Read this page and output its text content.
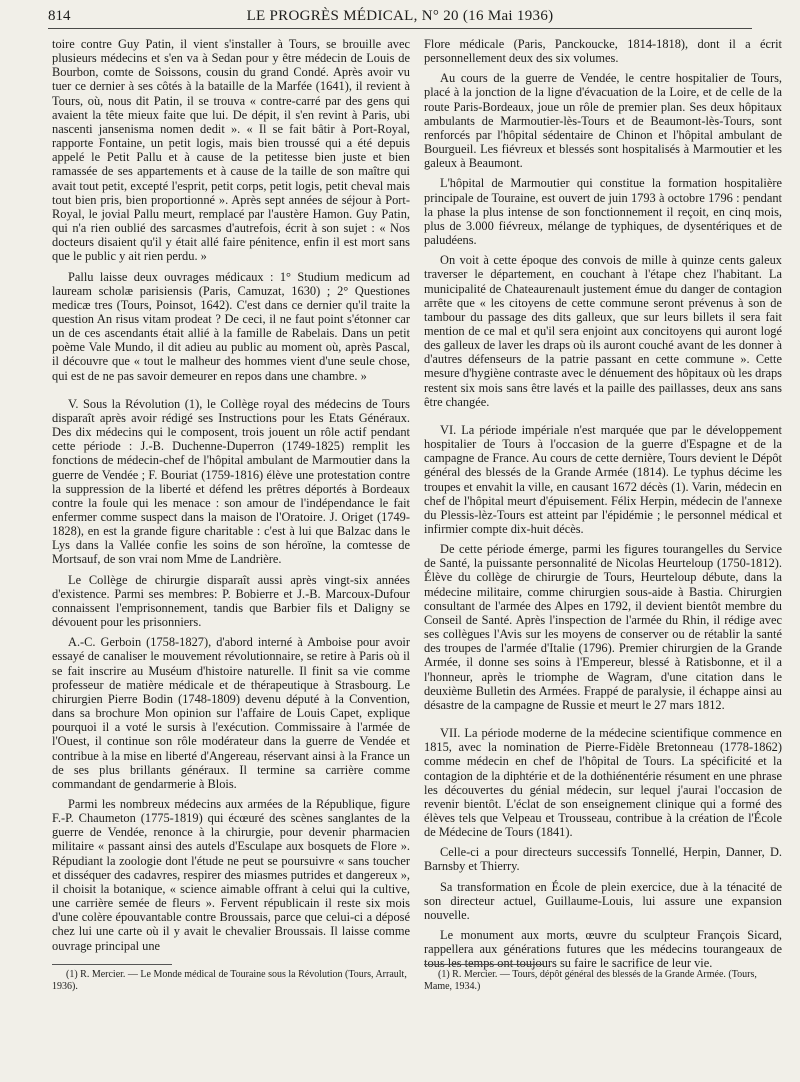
814	LE PROGRÈS MÉDICAL, N° 20 (16 Mai 1936)

toire contre Guy Patin, il vient s'installer à Tours, se brouille avec plusieurs médecins et s'en va à Sedan pour y être médecin de Louis de Bourbon, comte de Soissons, cousin du grand Condé. Après avoir vu tuer ce dernier à ses côtés à la bataille de la Marfée (1641), il revient à Tours, où, nous dit Patin, il se trouva « contre-carré par des gens qui avaient la tête mieux faite que lui. De dépit, il s'en revint à Paris, ubi nascenti jansenisma nomen dedit ». « Il se fait bâtir à Port-Royal, rapporte Fontaine, un petit logis, mais bien troussé qui a été depuis appelé le Petit Pallu et à cause de la petitesse bien juste et bien ramassée de ses appartements et à cause de la taille de son maître qui avait tout petit, excepté l'esprit, petit corps, petit logis, petit cheval mais tout bien pris, bien proportionné ». Après sept années de séjour à Port-Royal, le jovial Pallu meurt, remplacé par l'austère Hamon. Guy Patin, qui n'a rien oublié des sarcasmes d'autrefois, écrit à son sujet : « Nos docteurs disaient qu'il y était allé faire pénitence, enfin il est mort sans que le public y ait rien perdu. »

Pallu laisse deux ouvrages médicaux : 1° Studium medicum ad lauream scholæ parisiensis (Paris, Camuzat, 1630) ; 2° Questiones medicæ tres (Tours, Poinsot, 1642). C'est dans ce dernier qu'il traite la question An risus vitam prodeat ? De ceci, il ne faut point s'étonner car un de ces ascendants était allié à la famille de Rabelais. Dans un petit poème Vale Mundo, il dit adieu au public au moment où, après Pascal, il découvre que « tout le malheur des hommes vient d'une seule chose, qui est de ne pas savoir demeurer en repos dans une chambre. »

V. Sous la Révolution (1), le Collège royal des médecins de Tours disparaît après avoir rédigé ses Instructions pour les Etats Généraux. Des dix médecins qui le composent, trois jouent un rôle actif pendant cette période : J.-B. Duchenne-Duperron (1749-1825) remplit les fonctions de médecin-chef de l'hôpital ambulant de Marmoutier dans la guerre de Vendée ; F. Bouriat (1759-1816) élève une protestation contre la suppression de la liberté et défend les prêtres déportés à Bordeaux contre la foule qui les menace : son amour de l'indépendance le fait enfermer comme suspect dans la maison de l'Oratoire. J. Origet (1749-1828), en est la grande figure charitable : c'est à lui que Balzac dans le Lys dans la Vallée confie les soins de son héroïne, la comtesse de Mortsauf, de son vrai nom Mme de Landrière.

Le Collège de chirurgie disparaît aussi après vingt-six années d'existence. Parmi ses membres: P. Bobierre et J.-B. Marcoux-Dufour connaissent l'emprisonnement, tandis que Barbier fils et Daligny se dévouent pour les prisonniers.

A.-C. Gerboin (1758-1827), d'abord interné à Amboise pour avoir essayé de canaliser le mouvement révolutionnaire, se retire à Paris où il se fait inscrire au Muséum d'histoire naturelle. Il finit sa vie comme professeur de matière médicale et de thérapeutique à Strasbourg. Le chirurgien Pierre Bodin (1748-1809) devenu député à la Convention, dans sa brochure Mon opinion sur l'affaire de Louis Capet, explique pourquoi il a voté le sursis à l'exécution. Commissaire à l'armée de l'Ouest, il continue son rôle modérateur dans la guerre de Vendée et contribue à la mise en liberté d'Angereau, réservant ainsi à la France un de ses plus brillants généraux. Il termine sa carrière comme commandant de gendarmerie à Blois.

Parmi les nombreux médecins aux armées de la République, figure F.-P. Chaumeton (1775-1819) qui écœuré des scènes sanglantes de la guerre de Vendée, renonce à la chirurgie, pour devenir pharmacien militaire « passant ainsi des autels d'Esculape aux bosquets de Flore ». Répudiant la zoologie dont l'étude ne peut se poursuivre « sans toucher et disséquer des cadavres, respirer des miasmes putrides et dangereux », il choisit la botanique, « science aimable offrant à celui qui la cultive, une carrière semée de fleurs ». Fervent républicain il reste six mois d'une colère épouvantable contre Broussais, parce que celui-ci a déposé chez lui une carte où il y avait le chevalier Broussais. Il laisse comme ouvrage principal une

Flore médicale (Paris, Panckoucke, 1814-1818), dont il a écrit personnellement deux des six volumes.

Au cours de la guerre de Vendée, le centre hospitalier de Tours, placé à la jonction de la ligne d'évacuation de la Loire, et de celle de la route Paris-Bordeaux, joue un rôle de premier plan. Ses deux hôpitaux ambulants de Marmoutier-lès-Tours et de Beaumont-lès-Tours, sont renforcés par l'hôpital sédentaire de Chinon et l'hôpital ambulant de Bourgueil. Les fiévreux et blessés sont hospitalisés à Marmoutier et les galeux à Beaumont.

L'hôpital de Marmoutier qui constitue la formation hospitalière principale de Touraine, est ouvert de juin 1793 à octobre 1796 : pendant la phase la plus intense de son fonctionnement il reçoit, en cinq mois, plus de 3.000 fiévreux, mélange de typhiques, de dysentériques et de paludéens.

On voit à cette époque des convois de mille à quinze cents galeux traverser le département, en couchant à l'étape chez l'habitant. La municipalité de Chateaurenault justement émue du danger de contagion arrête que « les citoyens de cette commune seront prévenus à son de tambour du passage des dits galleux, que sur leurs billets il sera fait mention de ce mal et qu'il sera enjoint aux concitoyens qui auront logé des galleux de laver les draps où ils auront couché avant de les donner à d'autres défenseurs de la patrie passant en cette commune ». Cette mesure d'hygiène contraste avec le dénuement des hôpitaux où les draps restent six mois sans être lavés et la paille des paillasses, deux ans sans être changée.

VI. La période impériale n'est marquée que par le développement hospitalier de Tours à l'occasion de la guerre d'Espagne et de la campagne de France. Au cours de cette dernière, Tours devient le Dépôt général des blessés de la Grande Armée (1814). Le typhus décime les troupes et envahit la ville, en causant 1672 décès (1). Varin, médecin en chef de l'hôpital meurt d'épuisement. Félix Herpin, médecin de l'annexe du Plessis-lèz-Tours est atteint par l'épidémie ; le personnel médical et infirmier compte dix-huit décès.

De cette période émerge, parmi les figures tourangelles du Service de Santé, la puissante personnalité de Nicolas Heurteloup (1750-1812). Élève du collège de chirurgie de Tours, Heurteloup débute, dans la médecine militaire, comme chirurgien sous-aide à Bastia. Chirurgien consultant de l'armée des Alpes en 1792, il devient bientôt membre du Conseil de Santé. Après l'inspection de l'armée du Rhin, il rédige avec ses collègues l'Avis sur les moyens de conserver ou de rétablir la santé des troupes de l'armée d'Italie (1796). Premier chirurgien de la Grande Armée, il donne ses soins à l'Empereur, blessé à Ratisbonne, et il a l'honneur, après le triomphe de Wagram, d'une citation dans le deuxième Bulletin des Armées. Frappé de paralysie, il échappe ainsi au désastre de la campagne de Russie et meurt le 27 mars 1812.

VII. La période moderne de la médecine scientifique commence en 1815, avec la nomination de Pierre-Fidèle Bretonneau (1778-1862) comme médecin en chef de l'hôpital de Tours. La spécificité et la contagion de la diphtérie et de la dothiénentérie résument en une phrase les découvertes du génial médecin, sur lequel j'aurai l'occasion de revenir bientôt. L'éclat de son enseignement clinique qui a formé des élèves tels que Velpeau et Trousseau, contribue à la création de l'École de Médecine de Tours (1841).

Celle-ci a pour directeurs successifs Tonnellé, Herpin, Danner, D. Barnsby et Thierry.

Sa transformation en École de plein exercice, due à la ténacité de son directeur actuel, Guillaume-Louis, lui assure une expansion nouvelle.

Le monument aux morts, œuvre du sculpteur François Sicard, rappellera aux générations futures que les médecins tourangeaux de tous les temps ont toujours su faire le sacrifice de leur vie.

(1) R. Mercier. — Le Monde médical de Touraine sous la Révolution (Tours, Arrault, 1936).

(1) R. Mercier. — Tours, dépôt général des blessés de la Grande Armée. (Tours, Mame, 1934.)
